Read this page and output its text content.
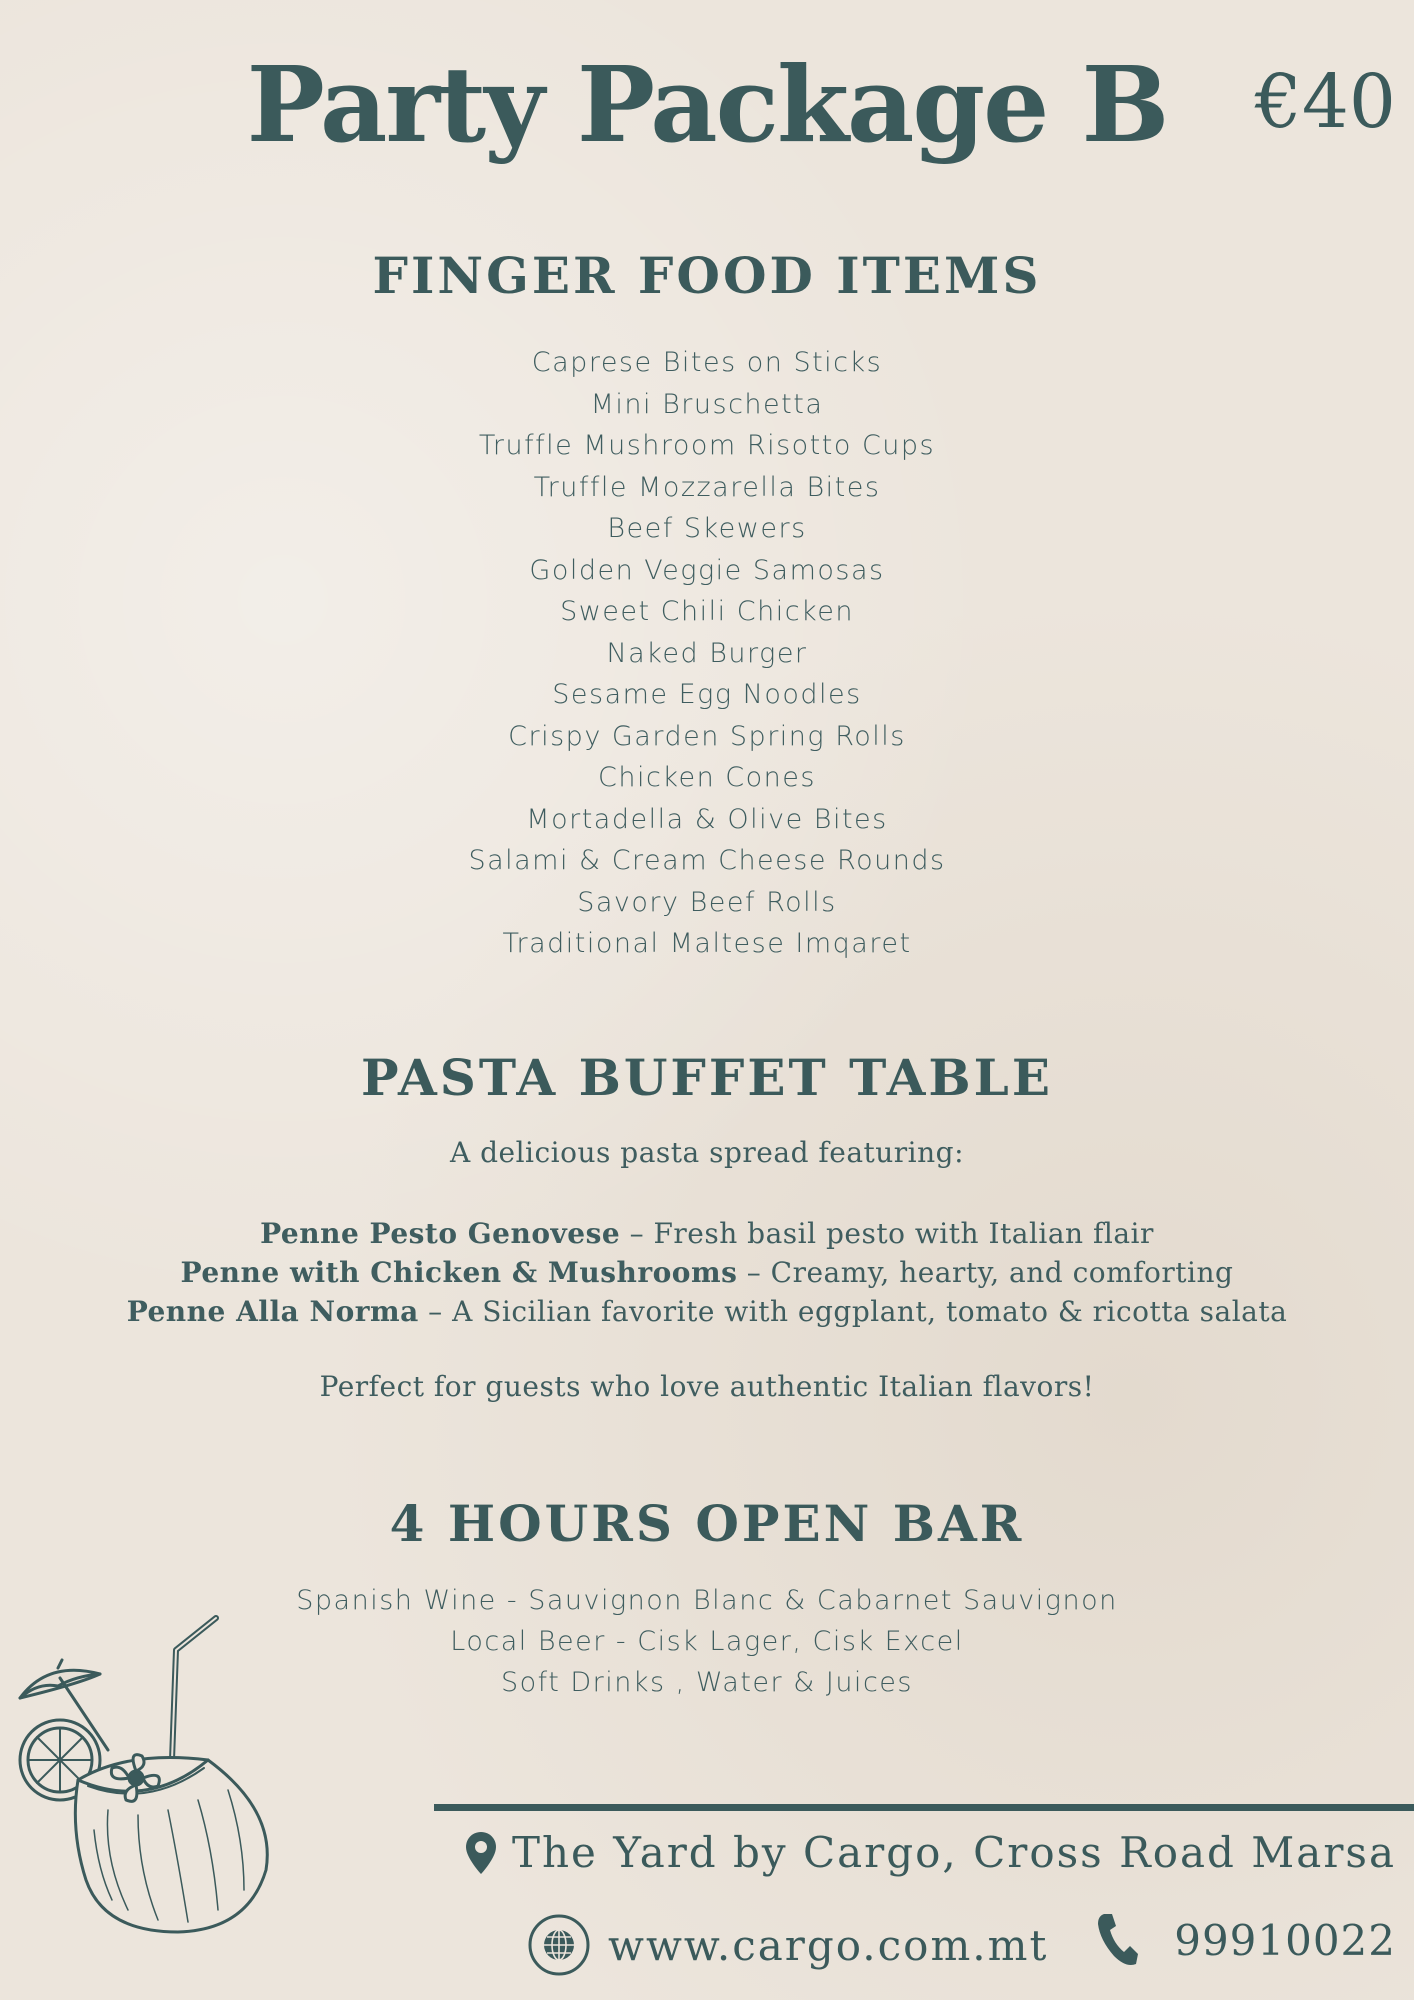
Party Package B	€40
FINGER FOOD ITEMS
Caprese Bites on Sticks
Mini Bruschetta
Truffle Mushroom Risotto Cups
Truffle Mozzarella Bites
Beef Skewers
Golden Veggie Samosas
Sweet Chili Chicken
Naked Burger
Sesame Egg Noodles
Crispy Garden Spring Rolls
Chicken Cones
Mortadella & Olive Bites
Salami & Cream Cheese Rounds
Savory Beef Rolls
Traditional Maltese Imqaret
PASTA BUFFET TABLE

A delicious pasta spread featuring:

Penne Pesto Genovese – Fresh basil pesto with Italian flair
Penne with Chicken & Mushrooms – Creamy, hearty, and comforting
Penne Alla Norma – A Sicilian favorite with eggplant, tomato & ricotta salata

Perfect for guests who love authentic Italian flavors!

4 HOURS OPEN BAR
Spanish Wine - Sauvignon Blanc & Cabarnet Sauvignon
Local Beer - Cisk Lager, Cisk Excel
Soft Drinks , Water & Juices
The Yard by Cargo, Cross Road Marsa
www.cargo.com.mt	99910022
